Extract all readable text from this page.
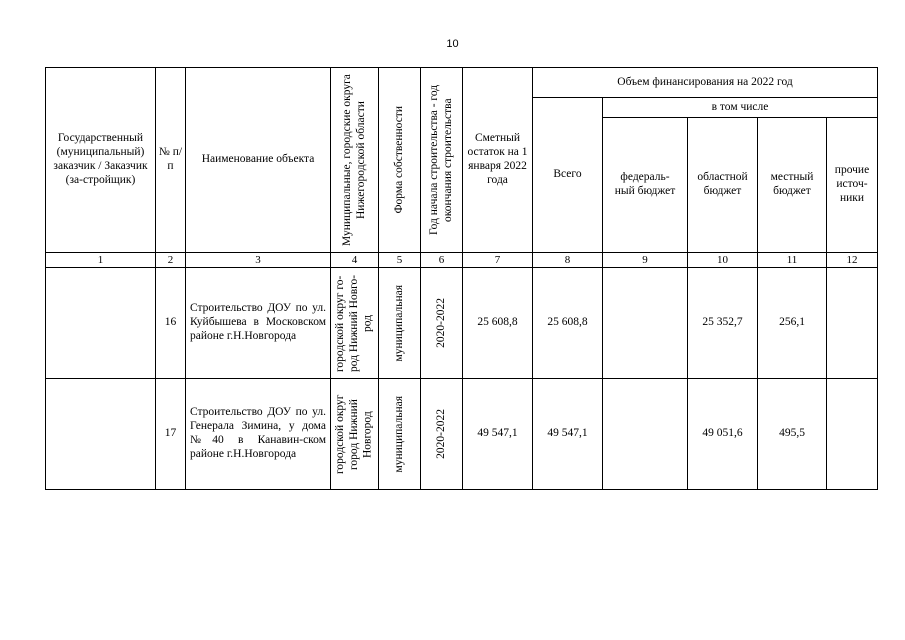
10
Государственный (муниципальный) заказчик / Заказчик (за-стройщик)	№ п/п	Наименование объекта	Муниципальные, городские округа Нижегородской области	Форма собственности	Год начала строительства - год окончания строительства	Сметный остаток на 1 января 2022 года	Объем финансирования на 2022 год				
							Всего	в том числе			
								федераль-ный бюджет	областной бюджет	местный бюджет	прочие источ-ники
1	2	3	4	5	6	7	8	9	10	11	12
	16	Строительство ДОУ по ул. Куйбышева в Московском районе г.Н.Новгорода	городской округ го-род Нижний Новго-род	муниципальная	2020-2022	25 608,8	25 608,8		25 352,7	256,1	
	17	Строительство ДОУ по ул. Генерала Зимина, у дома №40 в Канавин-ском районе г.Н.Новгорода	городской округ город Нижний Новгород	муниципальная	2020-2022	49 547,1	49 547,1		49 051,6	495,5	
